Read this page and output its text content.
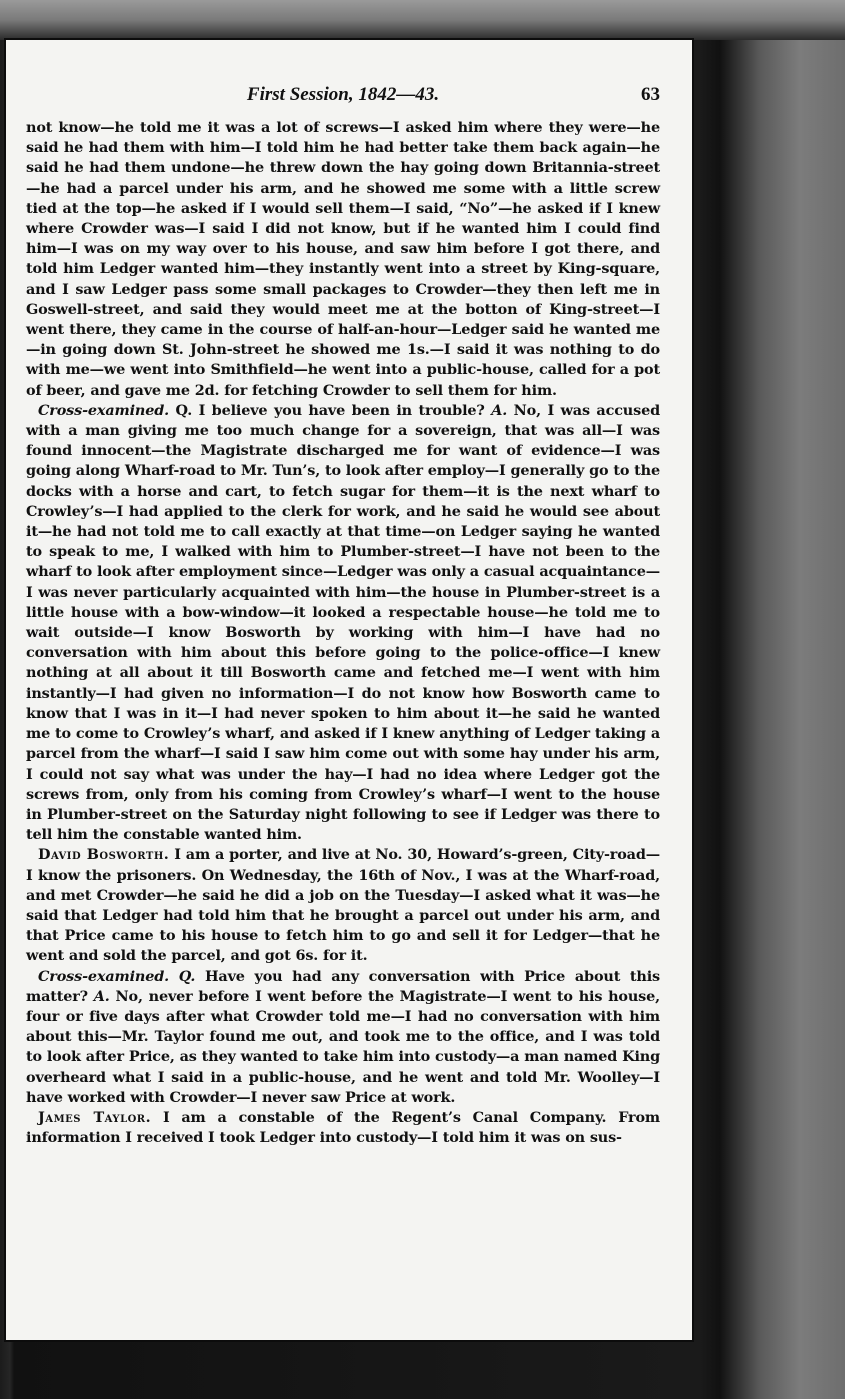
First Session, 1842—43.	63

not know—he told me it was a lot of screws—I asked him where they were—he said he had them with him—I told him he had better take them back again—he said he had them undone—he threw down the hay going down Britannia-street—he had a parcel under his arm, and he showed me some with a little screw tied at the top—he asked if I would sell them—I said, “No”—he asked if I knew where Crowder was—I said I did not know, but if he wanted him I could find him—I was on my way over to his house, and saw him before I got there, and told him Ledger wanted him—they instantly went into a street by King-square, and I saw Ledger pass some small packages to Crowder—they then left me in Goswell-street, and said they would meet me at the botton of King-street—I went there, they came in the course of half-an-hour—Ledger said he wanted me—in going down St. John-street he showed me 1s.—I said it was nothing to do with me—we went into Smithfield—he went into a public-house, called for a pot of beer, and gave me 2d. for fetching Crowder to sell them for him.

Cross-examined. Q. I believe you have been in trouble? A. No, I was accused with a man giving me too much change for a sovereign, that was all—I was found innocent—the Magistrate discharged me for want of evidence—I was going along Wharf-road to Mr. Tun’s, to look after employ—I generally go to the docks with a horse and cart, to fetch sugar for them—it is the next wharf to Crowley’s—I had applied to the clerk for work, and he said he would see about it—he had not told me to call exactly at that time—on Ledger saying he wanted to speak to me, I walked with him to Plumber-street—I have not been to the wharf to look after employment since—Ledger was only a casual acquaintance—I was never particularly acquainted with him—the house in Plumber-street is a little house with a bow-window—it looked a respectable house—he told me to wait outside—I know Bosworth by working with him—I have had no conversation with him about this before going to the police-office—I knew nothing at all about it till Bosworth came and fetched me—I went with him instantly—I had given no information—I do not know how Bosworth came to know that I was in it—I had never spoken to him about it—he said he wanted me to come to Crowley’s wharf, and asked if I knew anything of Ledger taking a parcel from the wharf—I said I saw him come out with some hay under his arm, I could not say what was under the hay—I had no idea where Ledger got the screws from, only from his coming from Crowley’s wharf—I went to the house in Plumber-street on the Saturday night following to see if Ledger was there to tell him the constable wanted him.

David Bosworth. I am a porter, and live at No. 30, Howard’s-green, City-road—I know the prisoners. On Wednesday, the 16th of Nov., I was at the Wharf-road, and met Crowder—he said he did a job on the Tuesday—I asked what it was—he said that Ledger had told him that he brought a parcel out under his arm, and that Price came to his house to fetch him to go and sell it for Ledger—that he went and sold the parcel, and got 6s. for it.

Cross-examined. Q. Have you had any conversation with Price about this matter? A. No, never before I went before the Magistrate—I went to his house, four or five days after what Crowder told me—I had no conversation with him about this—Mr. Taylor found me out, and took me to the office, and I was told to look after Price, as they wanted to take him into custody—a man named King overheard what I said in a public-house, and he went and told Mr. Woolley—I have worked with Crowder—I never saw Price at work.

James Taylor. I am a constable of the Regent’s Canal Company. From information I received I took Ledger into custody—I told him it was on sus-
